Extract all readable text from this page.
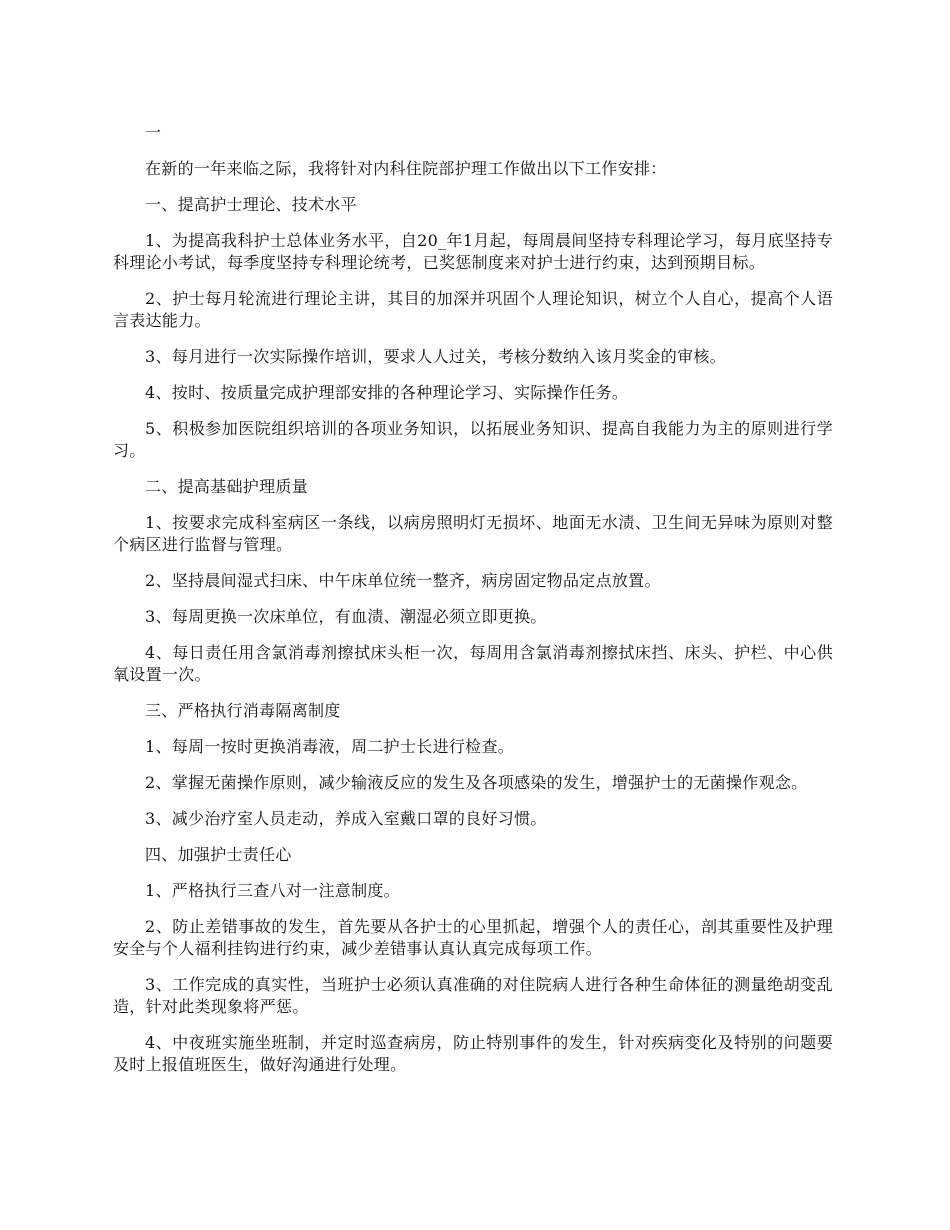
一

在新的一年来临之际，我将针对内科住院部护理工作做出以下工作安排：

一、提高护士理论、技术水平

1、为提高我科护士总体业务水平，自20_年1月起，每周晨间坚持专科理论学习，每月底坚持专科理论小考试，每季度坚持专科理论统考，已奖惩制度来对护士进行约束，达到预期目标。

2、护士每月轮流进行理论主讲，其目的加深并巩固个人理论知识，树立个人自心，提高个人语言表达能力。

3、每月进行一次实际操作培训，要求人人过关，考核分数纳入该月奖金的审核。

4、按时、按质量完成护理部安排的各种理论学习、实际操作任务。

5、积极参加医院组织培训的各项业务知识，以拓展业务知识、提高自我能力为主的原则进行学习。

二、提高基础护理质量

1、按要求完成科室病区一条线，以病房照明灯无损坏、地面无水渍、卫生间无异味为原则对整个病区进行监督与管理。

2、坚持晨间湿式扫床、中午床单位统一整齐，病房固定物品定点放置。

3、每周更换一次床单位，有血渍、潮湿必须立即更换。

4、每日责任用含氯消毒剂擦拭床头柜一次，每周用含氯消毒剂擦拭床挡、床头、护栏、中心供氧设置一次。

三、严格执行消毒隔离制度

1、每周一按时更换消毒液，周二护士长进行检查。

2、掌握无菌操作原则，减少输液反应的发生及各项感染的发生，增强护士的无菌操作观念。

3、减少治疗室人员走动，养成入室戴口罩的良好习惯。

四、加强护士责任心

1、严格执行三查八对一注意制度。

2、防止差错事故的发生，首先要从各护士的心里抓起，增强个人的责任心，剖其重要性及护理安全与个人福利挂钩进行约束，减少差错事认真认真完成每项工作。

3、工作完成的真实性，当班护士必须认真准确的对住院病人进行各种生命体征的测量绝胡变乱造，针对此类现象将严惩。

4、中夜班实施坐班制，并定时巡查病房，防止特别事件的发生，针对疾病变化及特别的问题要及时上报值班医生，做好沟通进行处理。
